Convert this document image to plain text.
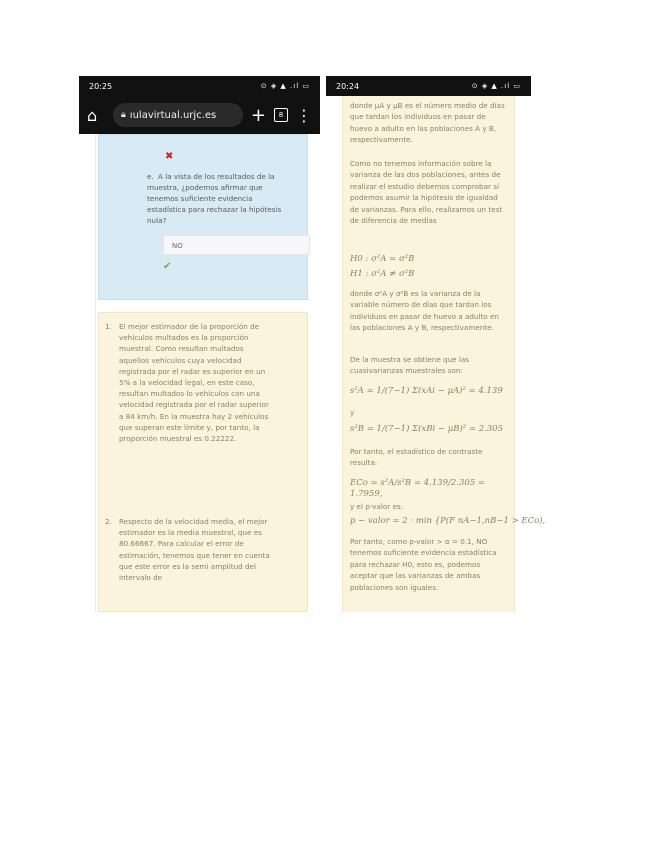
20:25	⊙ ◈ ▲ .ıl ▭
⌂	🔒︎ ıulavirtual.urjc.es +	8 ⋮
✖
e. A la vista de los resultados de la muestra, ¿podemos afirmar que tenemos suficiente evidencia estadística para rechazar la hipótesis nula?
NO
✔
1. El mejor estimador de la proporción de vehículos multados es la proporción muestral. Como resultan multados aquellos vehículos cuya velocidad registrada por el radar es superior en un 5% a la velocidad legal, en este caso, resultan multados lo vehículos con una velocidad registrada por el radar superior a 84 km/h. En la muestra hay 2 vehículos que superan este límite y, por tanto, la proporción muestral es 0.22222.
2. Respecto de la velocidad media, el mejor estimador es la media muestral, que es 80.66667. Para calcular el error de estimación, tenemos que tener en cuenta que este error es la semi amplitud del intervalo de
20:24	⊙ ◈ ▲ .ıl ▭
donde μA y μB es el número medio de días que tardan los individuos en pasar de huevo a adulto en las poblaciones A y B, respectivamente.
Como no tenemos información sobre la varianza de las dos poblaciones, antes de realizar el estudio debemos comprobar si podemos asumir la hipótesis de igualdad de varianzas. Para ello, realizamos un test de diferencia de medias
H0 : σ²A = σ²B
H1 : σ²A ≠ σ²B
donde σ²A y σ²B es la varianza de la variable número de días que tardan los individuos en pasar de huevo a adulto en las poblaciones A y B, respectivamente.
De la muestra se obtiene que las cuasivarianzas muestrales son:
s²A = 1/(7−1) Σ(xAi − μA)² = 4.139
y
s²B = 1/(7−1) Σ(xBi − μB)² = 2.305
Por tanto, el estadístico de contraste resulta:
ECo = s²A/s²B = 4.139/2.305 = 1.7959,
y el p-valor es:
p − valor = 2 · min {P(F nA−1,nB−1 > ECo),
Por tanto, como p-valor > α = 0.1, NO tenemos suficiente evidencia estadística para rechazar H0, esto es, podemos aceptar que las varianzas de ambas poblaciones son iguales.
